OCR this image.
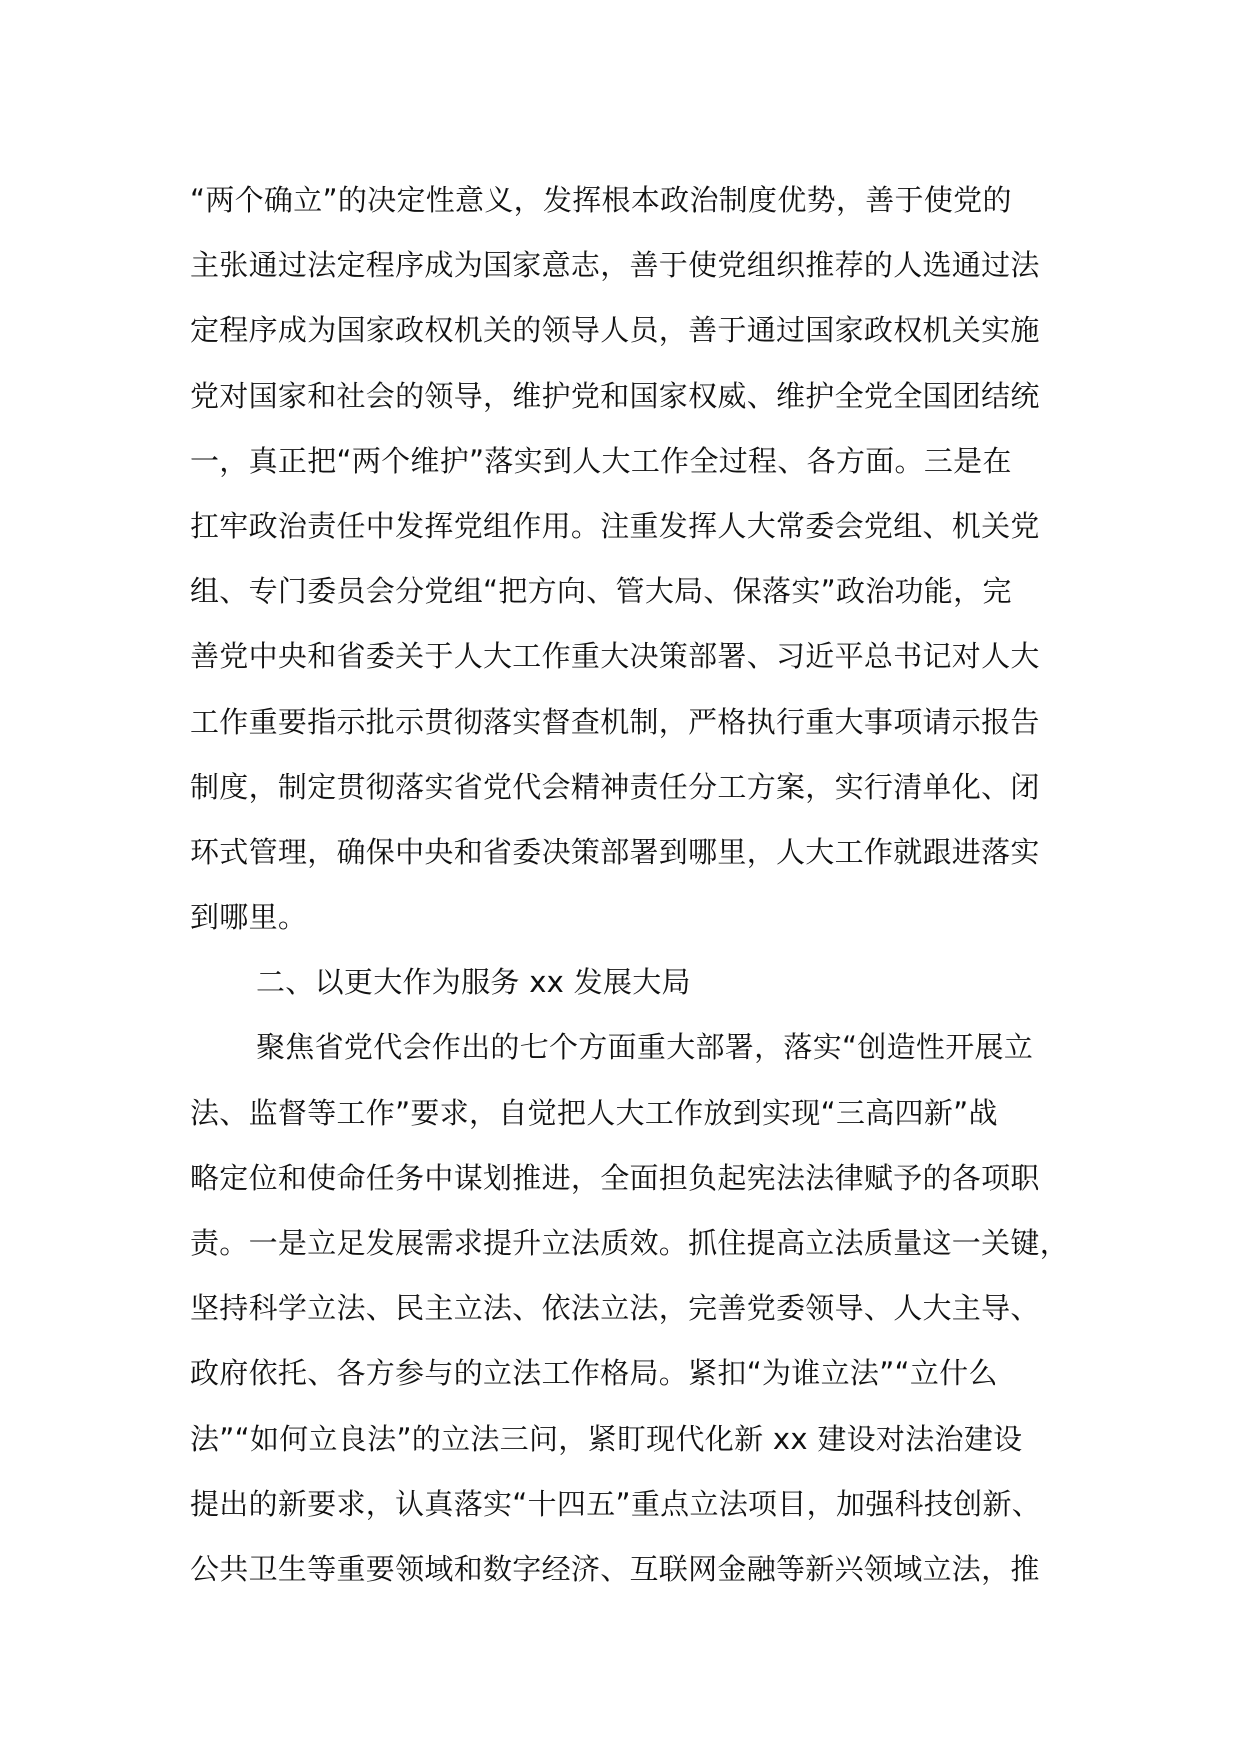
“两个确立”的决定性意义，发挥根本政治制度优势，善于使党的
主张通过法定程序成为国家意志，善于使党组织推荐的人选通过法
定程序成为国家政权机关的领导人员，善于通过国家政权机关实施
党对国家和社会的领导，维护党和国家权威、维护全党全国团结统
一，真正把“两个维护”落实到人大工作全过程、各方面。三是在
扛牢政治责任中发挥党组作用。注重发挥人大常委会党组、机关党
组、专门委员会分党组“把方向、管大局、保落实”政治功能，完
善党中央和省委关于人大工作重大决策部署、习近平总书记对人大
工作重要指示批示贯彻落实督查机制，严格执行重大事项请示报告
制度，制定贯彻落实省党代会精神责任分工方案，实行清单化、闭
环式管理，确保中央和省委决策部署到哪里，人大工作就跟进落实
到哪里。
二、以更大作为服务 xx 发展大局
聚焦省党代会作出的七个方面重大部署，落实“创造性开展立
法、监督等工作”要求，自觉把人大工作放到实现“三高四新”战
略定位和使命任务中谋划推进，全面担负起宪法法律赋予的各项职
责。一是立足发展需求提升立法质效。抓住提高立法质量这一关键，
坚持科学立法、民主立法、依法立法，完善党委领导、人大主导、
政府依托、各方参与的立法工作格局。紧扣“为谁立法”“立什么
法”“如何立良法”的立法三问，紧盯现代化新 xx 建设对法治建设
提出的新要求，认真落实“十四五”重点立法项目，加强科技创新、
公共卫生等重要领域和数字经济、互联网金融等新兴领域立法，推
